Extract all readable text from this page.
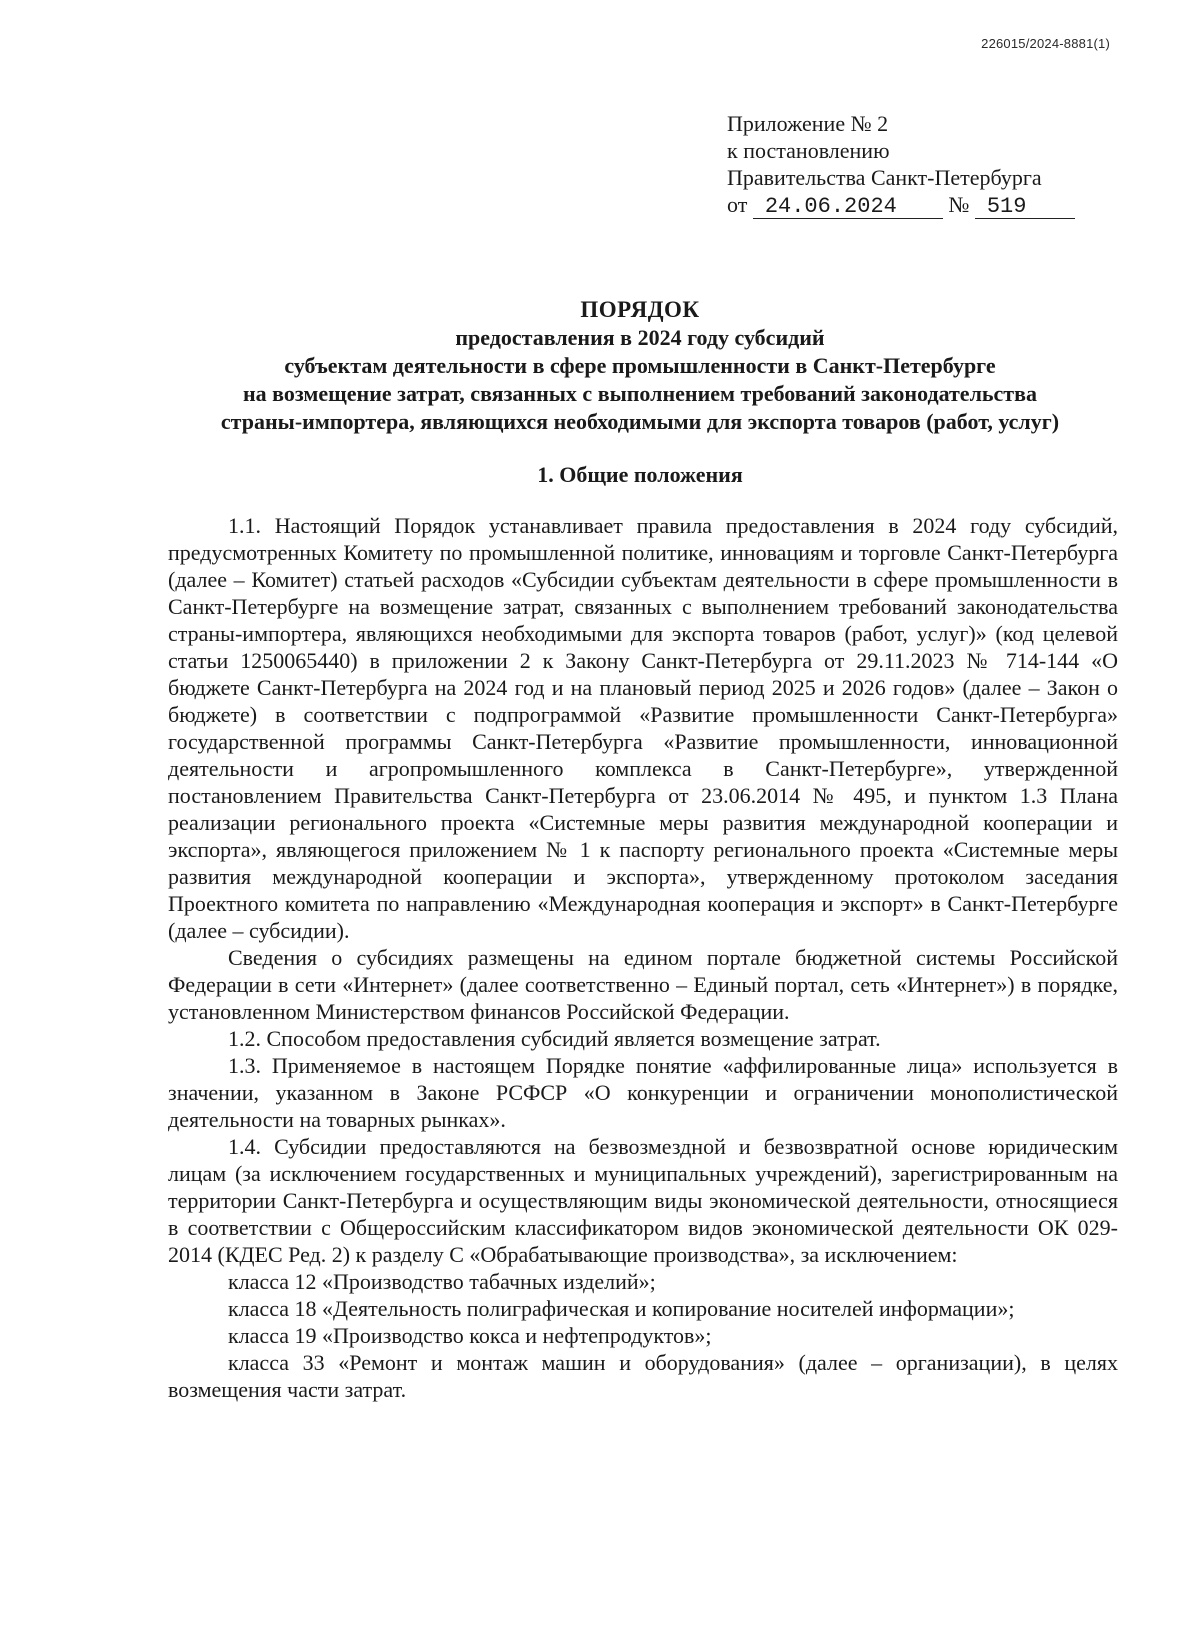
226015/2024-8881(1)
Приложение № 2
к постановлению
Правительства Санкт-Петербурга
от 24.06.2024 № 519
ПОРЯДОК
предоставления в 2024 году субсидий
субъектам деятельности в сфере промышленности в Санкт-Петербурге
на возмещение затрат, связанных с выполнением требований законодательства
страны-импортера, являющихся необходимыми для экспорта товаров (работ, услуг)
1. Общие положения

1.1. Настоящий Порядок устанавливает правила предоставления в 2024 году субсидий, предусмотренных Комитету по промышленной политике, инновациям и торговле Санкт-Петербурга (далее – Комитет) статьей расходов «Субсидии субъектам деятельности в сфере промышленности в Санкт-Петербурге на возмещение затрат, связанных с выполнением требований законодательства страны-импортера, являющихся необходимыми для экспорта товаров (работ, услуг)» (код целевой статьи 1250065440) в приложении 2 к Закону Санкт-Петербурга от 29.11.2023 № 714-144 «О бюджете Санкт-Петербурга на 2024 год и на плановый период 2025 и 2026 годов» (далее – Закон о бюджете) в соответствии с подпрограммой «Развитие промышленности Санкт-Петербурга» государственной программы Санкт-Петербурга «Развитие промышленности, инновационной деятельности и агропромышленного комплекса в Санкт-Петербурге», утвержденной постановлением Правительства Санкт-Петербурга от 23.06.2014 № 495, и пунктом 1.3 Плана реализации регионального проекта «Системные меры развития международной кооперации и экспорта», являющегося приложением № 1 к паспорту регионального проекта «Системные меры развития международной кооперации и экспорта», утвержденному протоколом заседания Проектного комитета по направлению «Международная кооперация и экспорт» в Санкт-Петербурге (далее – субсидии).

Сведения о субсидиях размещены на едином портале бюджетной системы Российской Федерации в сети «Интернет» (далее соответственно – Единый портал, сеть «Интернет») в порядке, установленном Министерством финансов Российской Федерации.

1.2. Способом предоставления субсидий является возмещение затрат.

1.3. Применяемое в настоящем Порядке понятие «аффилированные лица» используется в значении, указанном в Законе РСФСР «О конкуренции и ограничении монополистической деятельности на товарных рынках».

1.4. Субсидии предоставляются на безвозмездной и безвозвратной основе юридическим лицам (за исключением государственных и муниципальных учреждений), зарегистрированным на территории Санкт-Петербурга и осуществляющим виды экономической деятельности, относящиеся в соответствии с Общероссийским классификатором видов экономической деятельности ОК 029-2014 (КДЕС Ред. 2) к разделу С «Обрабатывающие производства», за исключением:

класса 12 «Производство табачных изделий»;

класса 18 «Деятельность полиграфическая и копирование носителей информации»;

класса 19 «Производство кокса и нефтепродуктов»;

класса 33 «Ремонт и монтаж машин и оборудования» (далее – организации), в целях возмещения части затрат.
